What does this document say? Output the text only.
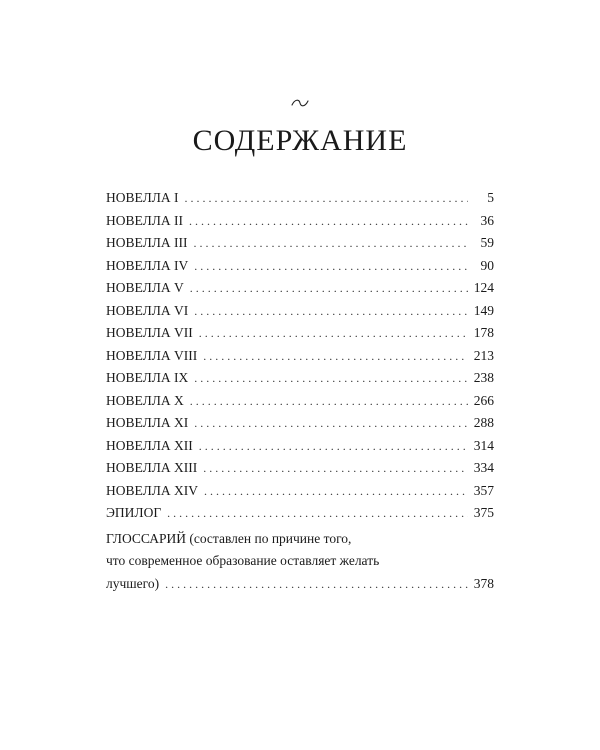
СОДЕРЖАНИЕ
НОВЕЛЛА I . . .	5
НОВЕЛЛА II . . .	36
НОВЕЛЛА III . . .	59
НОВЕЛЛА IV . . .	90
НОВЕЛЛА V . . .	124
НОВЕЛЛА VI . . .	149
НОВЕЛЛА VII . . .	178
НОВЕЛЛА VIII . . .	213
НОВЕЛЛА IX . . .	238
НОВЕЛЛА X . . .	266
НОВЕЛЛА XI . . .	288
НОВЕЛЛА XII . . .	314
НОВЕЛЛА XIII . . .	334
НОВЕЛЛА XIV . . .	357
ЭПИЛОГ . . .	375
ГЛОССАРИЙ (составлен по причине того,
что современное образование оставляет желать
лучшего) . . .	378
